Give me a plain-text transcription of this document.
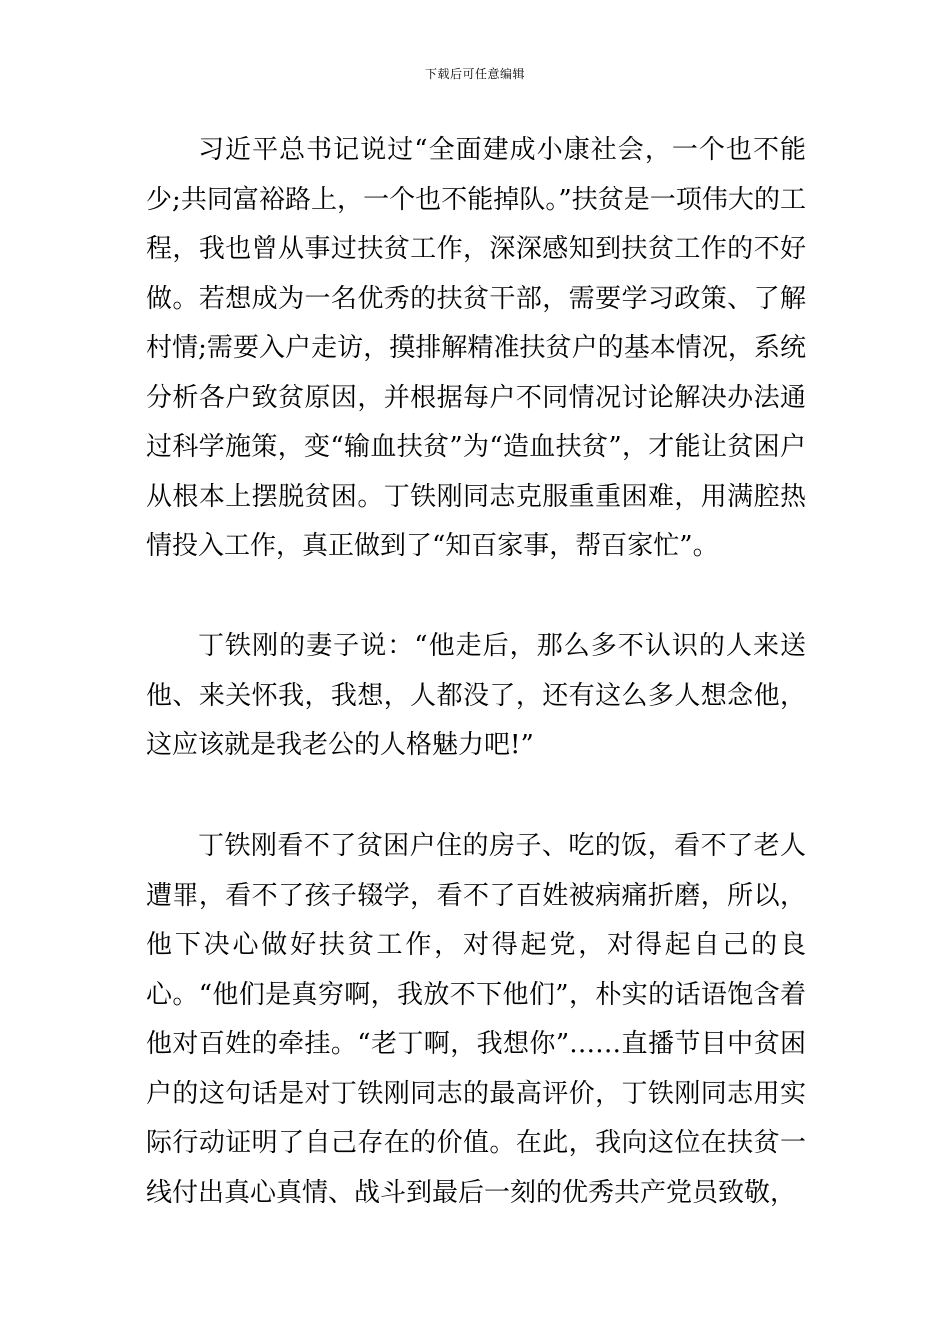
下载后可任意编辑

习近平总书记说过“全面建成小康社会，一个也不能少;共同富裕路上，一个也不能掉队。”扶贫是一项伟大的工程，我也曾从事过扶贫工作，深深感知到扶贫工作的不好做。若想成为一名优秀的扶贫干部，需要学习政策、了解村情;需要入户走访，摸排解精准扶贫户的基本情况，系统分析各户致贫原因，并根据每户不同情况讨论解决办法通过科学施策，变“输血扶贫”为“造血扶贫”，才能让贫困户从根本上摆脱贫困。丁铁刚同志克服重重困难，用满腔热情投入工作，真正做到了“知百家事，帮百家忙”。

丁铁刚的妻子说：“他走后，那么多不认识的人来送他、来关怀我，我想，人都没了，还有这么多人想念他，这应该就是我老公的人格魅力吧!”

丁铁刚看不了贫困户住的房子、吃的饭，看不了老人遭罪，看不了孩子辍学，看不了百姓被病痛折磨，所以，他下决心做好扶贫工作，对得起党，对得起自己的良心。“他们是真穷啊，我放不下他们”，朴实的话语饱含着他对百姓的牵挂。“老丁啊，我想你”……直播节目中贫困户的这句话是对丁铁刚同志的最高评价，丁铁刚同志用实际行动证明了自己存在的价值。在此，我向这位在扶贫一线付出真心真情、战斗到最后一刻的优秀共产党员致敬，
